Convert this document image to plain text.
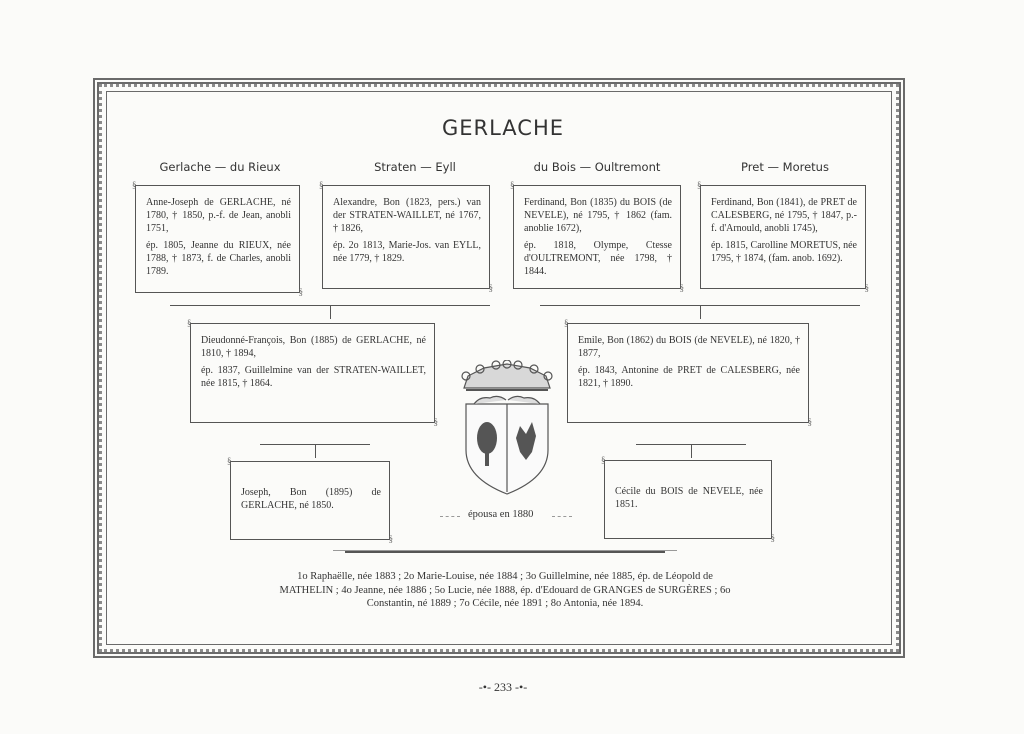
GERLACHE
Gerlache — du Rieux	Straten — Eyll	du Bois — Oultremont	Pret — Moretus

§ Anne-Joseph de GERLACHE, né 1780, † 1850, p.-f. de Jean, anobli 1751,

ép. 1805, Jeanne du RIEUX, née 1788, † 1873, f. de Charles, anobli 1789.

§

§ Alexandre, Bon (1823, pers.) van der STRATEN-WAILLET, né 1767, † 1826,

ép. 2o 1813, Marie-Jos. van EYLL, née 1779, † 1829.

§

§ Ferdinand, Bon (1835) du BOIS (de NEVELE), né 1795, † 1862 (fam. anoblie 1672),

ép. 1818, Olympe, Ctesse d'OULTREMONT, née 1798, † 1844.

§

§ Ferdinand, Bon (1841), de PRET de CALESBERG, né 1795, † 1847, p.-f. d'Arnould, anobli 1745),

ép. 1815, Carolline MORETUS, née 1795, † 1874, (fam. anob. 1692).

§

§ Dieudonné-François, Bon (1885) de GERLACHE, né 1810, † 1894,

ép. 1837, Guillelmine van der STRATEN-WAILLET, née 1815, † 1864.

§

§ Emile, Bon (1862) du BOIS (de NEVELE), né 1820, † 1877,

ép. 1843, Antonine de PRET de CALESBERG, née 1821, † 1890.

§

§ Joseph, Bon (1895) de GERLACHE, né 1850.

§

§ Cécile du BOIS de NEVELE, née 1851.

§
épousa en 1880
1o Raphaëlle, née 1883 ; 2o Marie-Louise, née 1884 ; 3o Guillelmine, née 1885, ép. de Léopold de MATHELIN ; 4o Jeanne, née 1886 ; 5o Lucie, née 1888, ép. d'Edouard de GRANGES de SURGÈRES ; 6o Constantin, né 1889 ; 7o Cécile, née 1891 ; 8o Antonia, née 1894.
-•- 233 -•-
